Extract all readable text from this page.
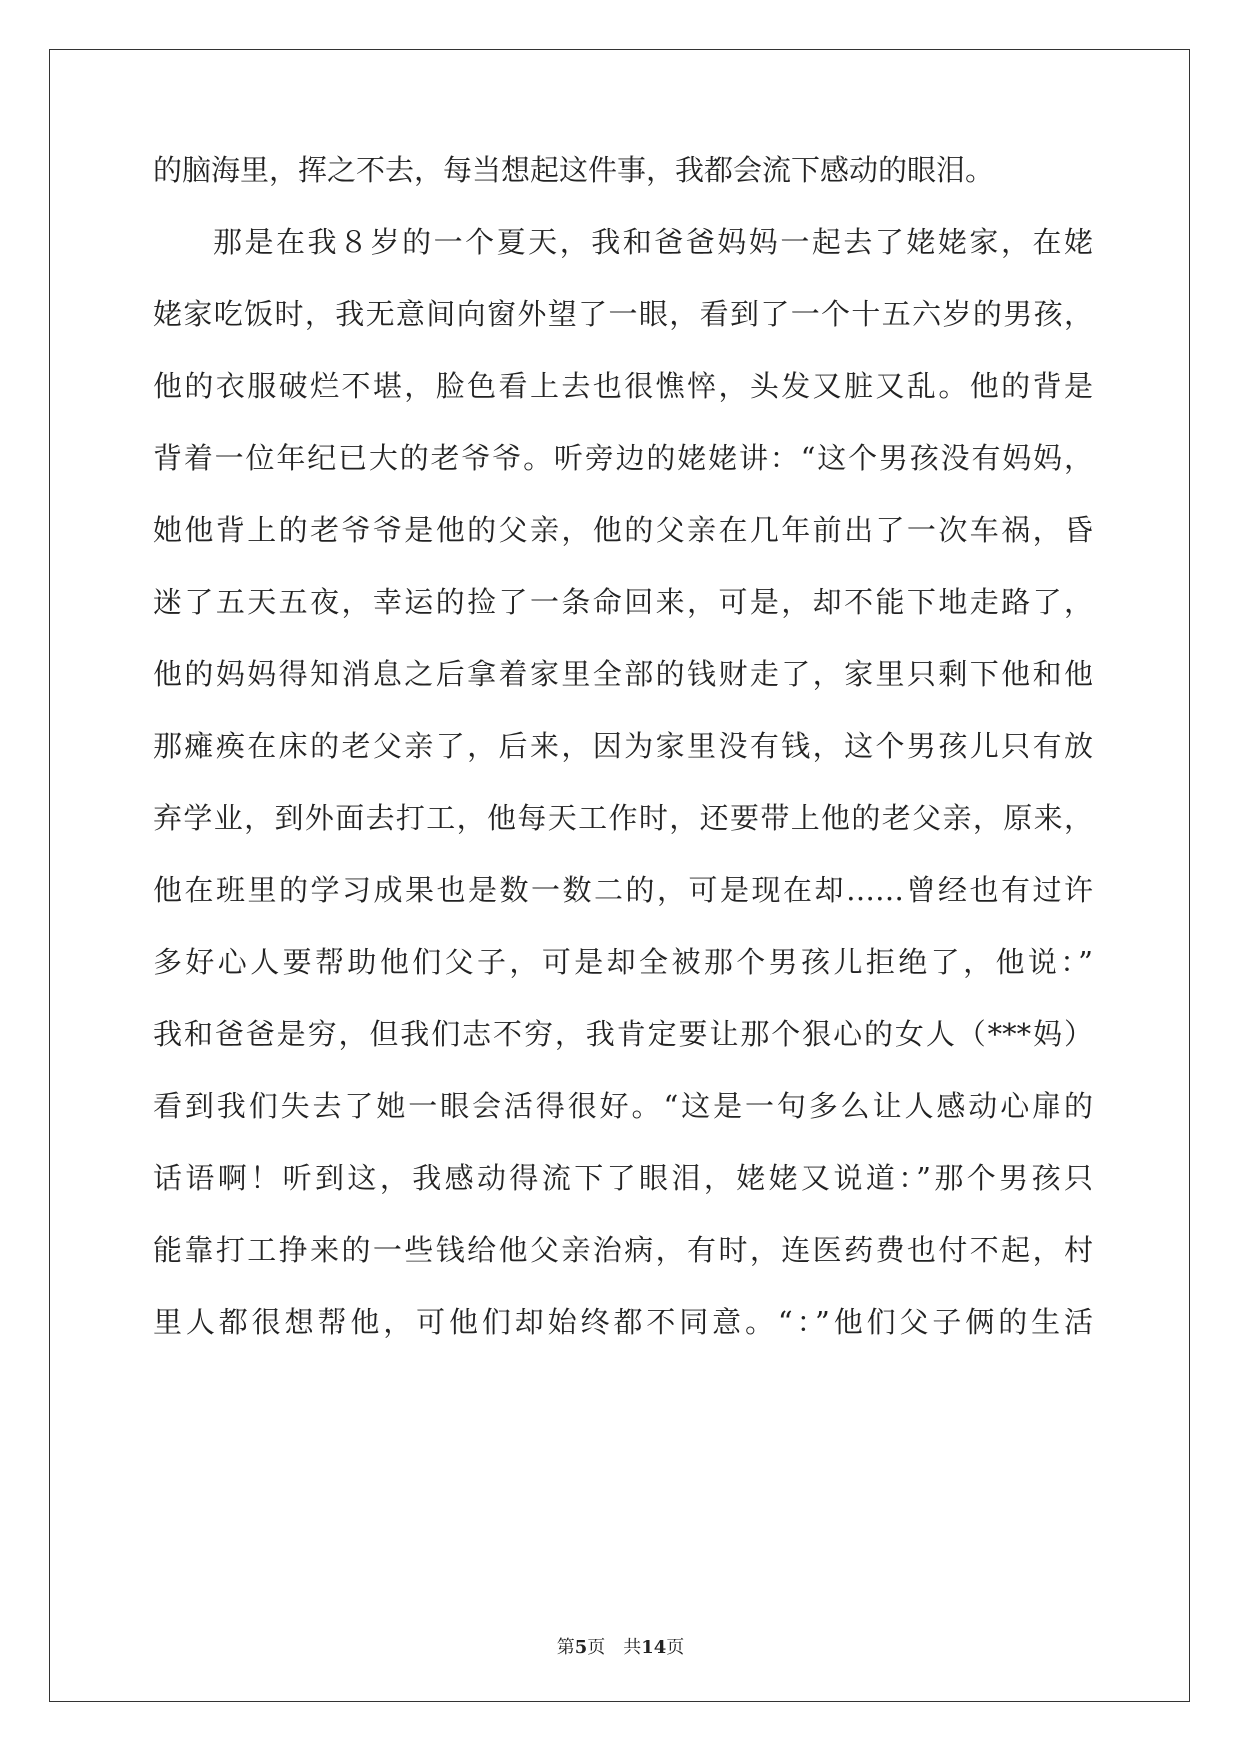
的脑海里，挥之不去，每当想起这件事，我都会流下感动的眼泪。
那是在我８岁的一个夏天，我和爸爸妈妈一起去了姥姥家，在姥
姥家吃饭时，我无意间向窗外望了一眼，看到了一个十五六岁的男孩，
他的衣服破烂不堪，脸色看上去也很憔悴，头发又脏又乱。他的背是
背着一位年纪已大的老爷爷。听旁边的姥姥讲：“这个男孩没有妈妈，
她他背上的老爷爷是他的父亲，他的父亲在几年前出了一次车祸，昏
迷了五天五夜，幸运的捡了一条命回来，可是，却不能下地走路了，
他的妈妈得知消息之后拿着家里全部的钱财走了，家里只剩下他和他
那瘫痪在床的老父亲了，后来，因为家里没有钱，这个男孩儿只有放
弃学业，到外面去打工，他每天工作时，还要带上他的老父亲，原来，
他在班里的学习成果也是数一数二的，可是现在却……曾经也有过许
多好心人要帮助他们父子，可是却全被那个男孩儿拒绝了，他说：”
我和爸爸是穷，但我们志不穷，我肯定要让那个狠心的女人（***妈）
看到我们失去了她一眼会活得很好。“这是一句多么让人感动心扉的
话语啊！听到这，我感动得流下了眼泪，姥姥又说道：”那个男孩只
能靠打工挣来的一些钱给他父亲治病，有时，连医药费也付不起，村
里人都很想帮他，可他们却始终都不同意。“：”他们父子俩的生活
第5页　共14页
